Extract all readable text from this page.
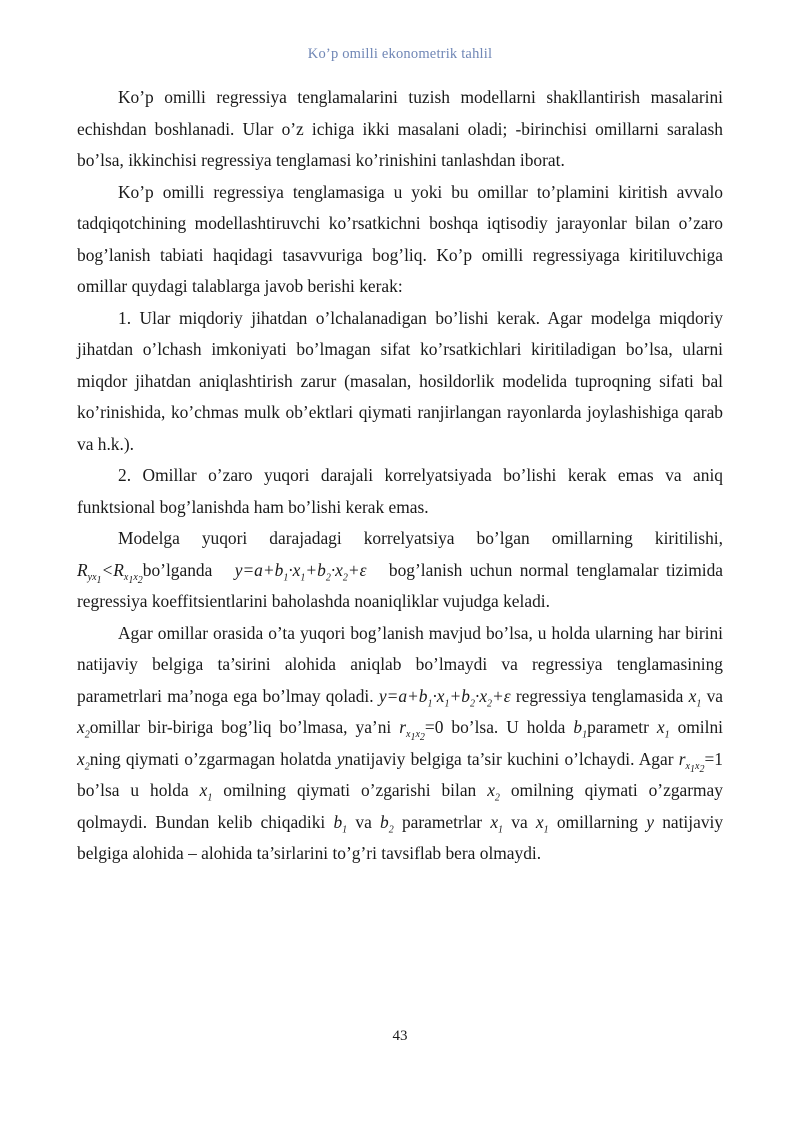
Ko’p omilli ekonometrik tahlil

Ko’p omilli regressiya tenglamalarini tuzish modellarni shakllantirish masalarini echishdan boshlanadi. Ular o’z ichiga ikki masalani oladi; -birinchisi omillarni saralash bo’lsa, ikkinchisi regressiya tenglamasi ko’rinishini tanlashdan iborat.

Ko’p omilli regressiya tenglamasiga u yoki bu omillar to’plamini kiritish avvalo tadqiqotchining modellashtiruvchi ko’rsatkichni boshqa iqtisodiy jarayonlar bilan o’zaro bog’lanish tabiati haqidagi tasavvuriga bog’liq. Ko’p omilli regressiyaga kiritiluvchiga omillar quydagi talablarga javob berishi kerak:

1. Ular miqdoriy jihatdan o’lchalanadigan bo’lishi kerak. Agar modelga miqdoriy jihatdan o’lchash imkoniyati bo’lmagan sifat ko’rsatkichlari kiritiladigan bo’lsa, ularni miqdor jihatdan aniqlashtirish zarur (masalan, hosildorlik modelida tuproqning sifati bal ko’rinishida, ko’chmas mulk ob’ektlari qiymati ranjirlangan rayonlarda joylashishiga qarab va h.k.).

2. Omillar o’zaro yuqori darajali korrelyatsiyada bo’lishi kerak emas va aniq funktsional bog’lanishda ham bo’lishi kerak emas.

Modelga yuqori darajadagi korrelyatsiya bo’lgan omillarning kiritilishi, $R_{yx_1}<R_{x_1x_2}bo’lganda$ $y=a+b_1\cdot x_1+b_2\cdot x_2+\varepsilon$ bog’lanish uchun normal tenglamalar tizimida regressiya koeffitsientlarini baholashda noaniqliklar vujudga keladi.

Agar omillar orasida o’ta yuqori bog’lanish mavjud bo’lsa, u holda ularning har birini natijaviy belgiga ta’sirini alohida aniqlab bo’lmaydi va regressiya tenglamasining parametrlari ma’noga ega bo’lmay qoladi. $y=a+b_1\cdot x_1+b_2\cdot x_2+\varepsilon$ regressiya tenglamasida $x_1$ va $x_2omillar$ bir-biriga bog’liq bo’lmasa, ya’ni $r_{x_1x_2}=0$ bo’lsa. U holda $b_1parametr$ $x_1$ omilni $x_2ning$ qiymati o’zgarmagan holatda ynatijaviy belgiga ta’sir kuchini o’lchaydi. Agar $r_{x_1x_2}=1$ bo’lsa u holda $x_1$ omilning qiymati o’zgarishi bilan $x_2$ omilning qiymati o’zgarmay qolmaydi. Bundan kelib chiqadiki $b_1$ va $b_2$ parametrlar $x_1$ va $x_1$ omillarning y natijaviy belgiga alohida – alohida ta’sirlarini to’g’ri tavsiflab bera olmaydi.

43
